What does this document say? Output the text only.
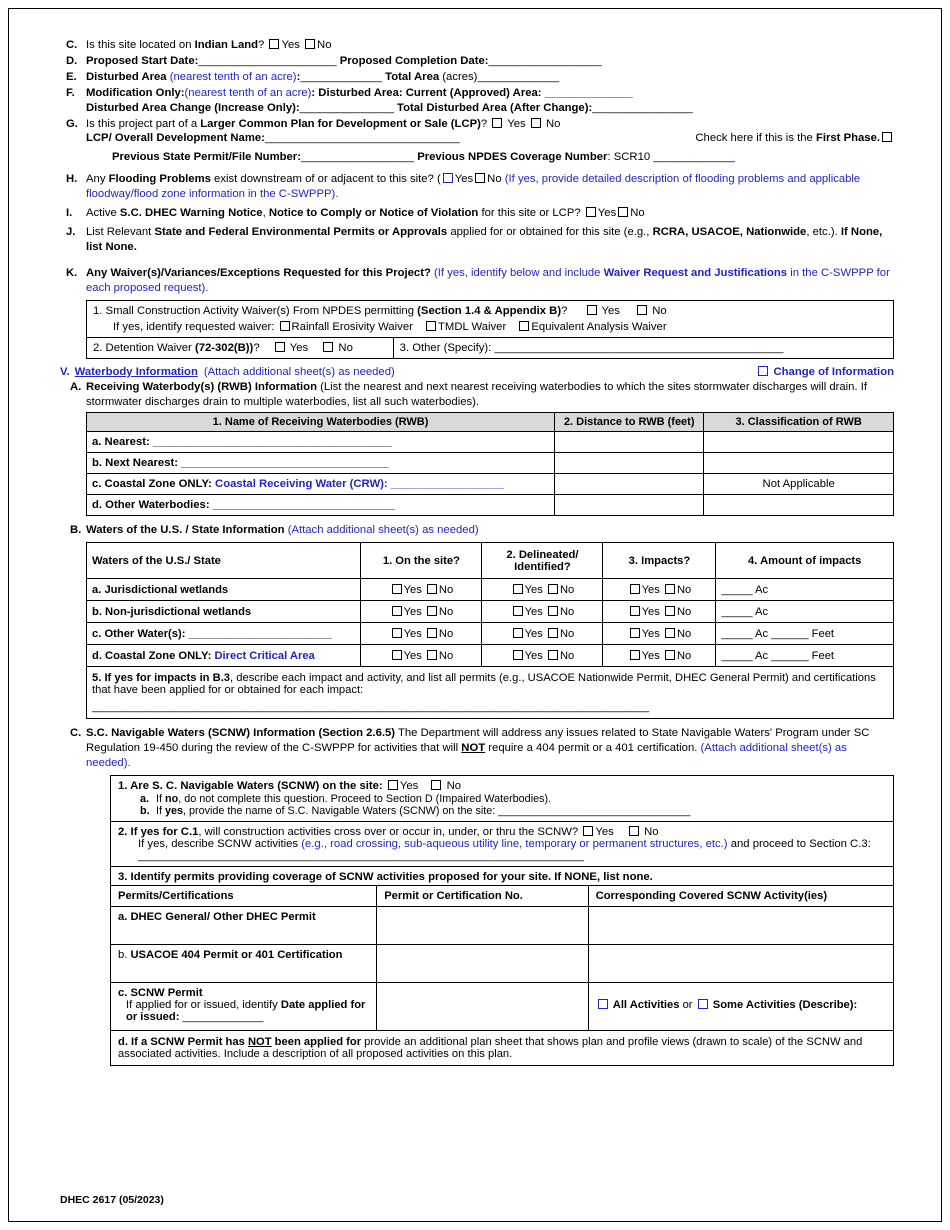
C. Is this site located on Indian Land? Yes No
D. Proposed Start Date:______________________ Proposed Completion Date:__________________
E. Disturbed Area (nearest tenth of an acre):_____________ Total Area (acres)_____________
F. Modification Only:(nearest tenth of an acre): Disturbed Area: Current (Approved) Area: ______________
Disturbed Area Change (Increase Only):_______________ Total Disturbed Area (After Change):________________
G. Is this project part of a Larger Common Plan for Development or Sale (LCP)? Yes No
LCP/ Overall Development Name:_______________________________	Check here if this is the First Phase.
Previous State Permit/File Number:__________________ Previous NPDES Coverage Number: SCR10 _____________
H. Any Flooding Problems exist downstream of or adjacent to this site? ( Yes No (If yes, provide detailed description of flooding problems and applicable floodway/flood zone information in the C-SWPPP).
I.	Active S.C. DHEC Warning Notice, Notice to Comply or Notice of Violation for this site or LCP? Yes No
J. List Relevant State and Federal Environmental Permits or Approvals applied for or obtained for this site (e.g., RCRA, USACOE, Nationwide, etc.). If None, list None.
K. Any Waiver(s)/Variances/Exceptions Requested for this Project? (If yes, identify below and include Waiver Request and Justifications in the C-SWPPP for each proposed request).
1. Small Construction Activity Waiver(s) From NPDES permitting (Section 1.4 & Appendix B)?	Yes	No
If yes, identify requested waiver: Rainfall Erosivity Waiver TMDL Waiver Equivalent Analysis Waiver
2. Detention Waiver (72-302(B))?	Yes	No	3. Other (Specify): ______________________________________________
V. Waterbody Information (Attach additional sheet(s) as needed)	Change of Information
A. Receiving Waterbody(s) (RWB) Information (List the nearest and next nearest receiving waterbodies to which the sites stormwater discharges will drain. If stormwater discharges drain to multiple waterbodies, list all such waterbodies).
1. Name of Receiving Waterbodies (RWB)	2. Distance to RWB (feet)	3. Classification of RWB
a. Nearest: ______________________________________		
b. Next Nearest: _________________________________		
c. Coastal Zone ONLY: Coastal Receiving Water (CRW): __________________		Not Applicable
d. Other Waterbodies: _____________________________		
B. Waters of the U.S. / State Information (Attach additional sheet(s) as needed)
Waters of the U.S./ State	1. On the site?	2. Delineated/ Identified?	3. Impacts?	4. Amount of impacts
a. Jurisdictional wetlands	Yes No	Yes No	Yes No	_____ Ac
b. Non-jurisdictional wetlands	Yes No	Yes No	Yes No	_____ Ac
c. Other Water(s): _______________________	Yes No	Yes No	Yes No	_____ Ac ______ Feet
d. Coastal Zone ONLY: Direct Critical Area	Yes No	Yes No	Yes No	_____ Ac ______ Feet
5. If yes for impacts in B.3, describe each impact and activity, and list all permits (e.g., USACOE Nationwide Permit, DHEC General Permit) and certifications that have been applied for or obtained for each impact:
______________________________________________________________________________________________				
C. S.C. Navigable Waters (SCNW) Information (Section 2.6.5) The Department will address any issues related to State Navigable Waters' Program under SC Regulation 19-450 during the review of the C-SWPPP for activities that will NOT require a 404 permit or a 401 certification. (Attach additional sheet(s) as needed).
1. Are S. C. Navigable Waters (SCNW) on the site: Yes	No
a. If no, do not complete this question. Proceed to Section D (Impaired Waterbodies).
b. If yes, provide the name of S.C. Navigable Waters (SCNW) on the site: ________________________________

2. If yes for C.1, will construction activities cross over or occur in, under, or thru the SCNW? Yes	No
If yes, describe SCNW activities (e.g., road crossing, sub-aqueous utility line, temporary or permanent structures, etc.) and proceed to Section C.3: _______________________________________________________________________

3. Identify permits providing coverage of SCNW activities proposed for your site. If NONE, list none.
Permits/Certifications	Permit or Certification No.	Corresponding Covered SCNW Activity(ies)
a. DHEC General/ Other DHEC Permit		
b. USACOE 404 Permit or 401 Certification		

c. SCNW Permit
If applied for or issued, identify Date applied for or issued: _____________		All Activities or  Some Activities (Describe):
d. If a SCNW Permit has NOT been applied for provide an additional plan sheet that shows plan and profile views (drawn to scale) of the SCNW and associated activities. Include a description of all proposed activities on this plan.		
DHEC 2617 (05/2023)
